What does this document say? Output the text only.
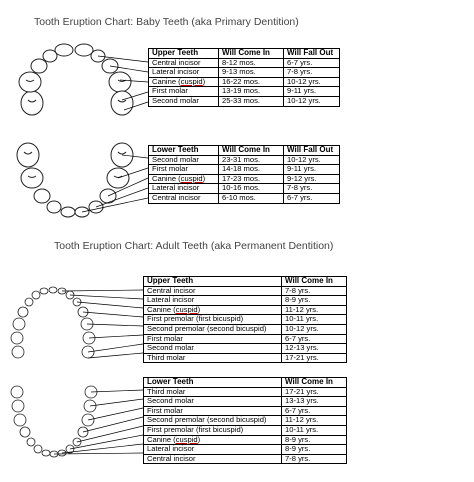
Tooth Eruption Chart: Baby Teeth (aka Primary Dentition)
Tooth Eruption Chart: Adult Teeth (aka Permanent Dentition)
Upper Teeth	Will Come In	Will Fall Out
Central incisor	8-12 mos.	6-7 yrs.
Lateral incisor	9-13 mos.	7-8 yrs.
Canine (cuspid)	16-22 mos.	10-12 yrs.
First molar	13-19 mos.	9-11 yrs.
Second molar	25-33 mos.	10-12 yrs.
Lower Teeth	Will Come In	Will Fall Out
Second molar	23-31 mos.	10-12 yrs.
First molar	14-18 mos.	9-11 yrs.
Canine (cuspid)	17-23 mos.	9-12 yrs.
Lateral incisor	10-16 mos.	7-8 yrs.
Central incisor	6-10 mos.	6-7 yrs.
Upper Teeth	Will Come In
Central incisor	7-8 yrs.
Lateral incisor	8-9 yrs.
Canine (cuspid)	11-12 yrs.
First premolar (first bicuspid)	10-11 yrs.
Second premolar (second bicuspid)	10-12 yrs.
First molar	6-7 yrs.
Second molar	12-13 yrs.
Third molar	17-21 yrs.
Lower Teeth	Will Come In
Third molar	17-21 yrs.
Second molar	13-13 yrs.
First molar	6-7 yrs.
Second premolar (second bicuspid)	11-12 yrs.
First premolar (first bicuspid)	10-11 yrs.
Canine (cuspid)	8-9 yrs.
Lateral incisor	8-9 yrs.
Central incisor	7-8 yrs.
